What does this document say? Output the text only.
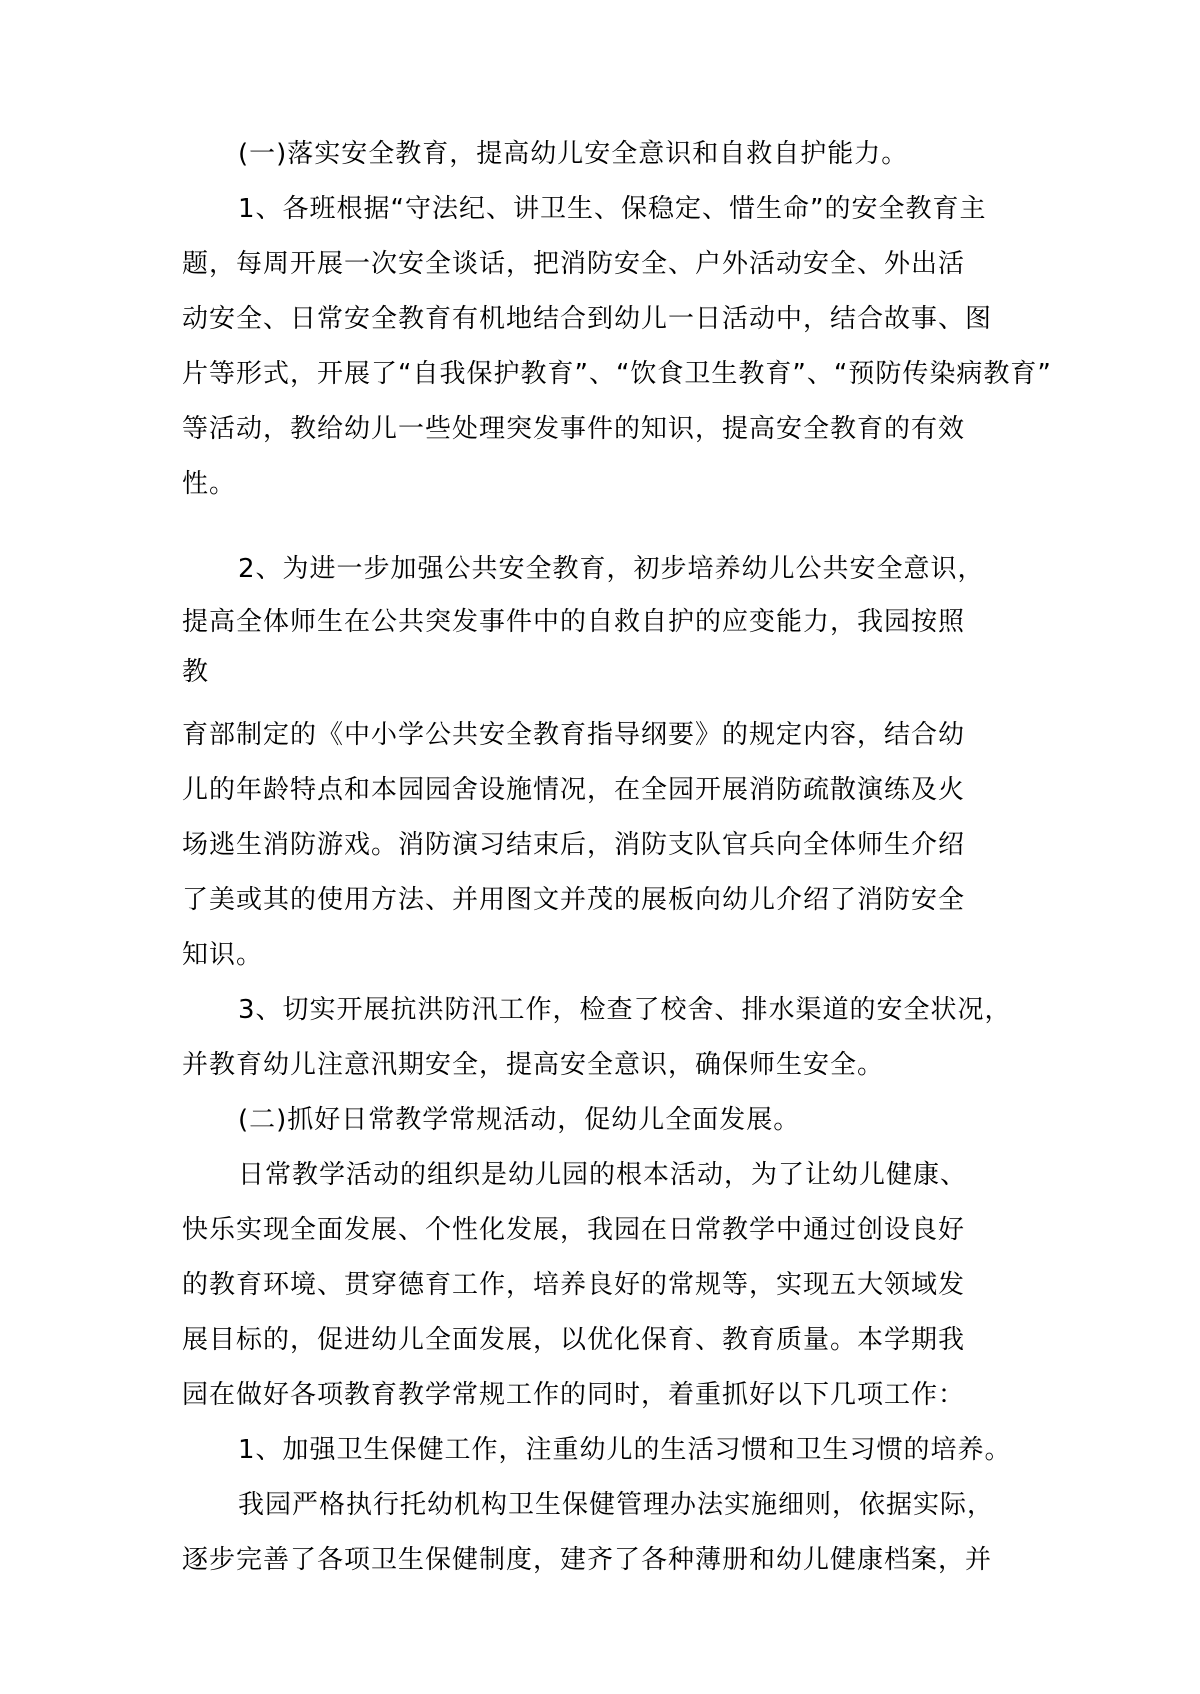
(一)落实安全教育，提高幼儿安全意识和自救自护能力。
1、各班根据“守法纪、讲卫生、保稳定、惜生命”的安全教育主
题，每周开展一次安全谈话，把消防安全、户外活动安全、外出活
动安全、日常安全教育有机地结合到幼儿一日活动中，结合故事、图
片等形式，开展了“自我保护教育”、“饮食卫生教育”、“预防传染病教育”
等活动，教给幼儿一些处理突发事件的知识，提高安全教育的有效
性。
2、为进一步加强公共安全教育，初步培养幼儿公共安全意识，
提高全体师生在公共突发事件中的自救自护的应变能力，我园按照
教
育部制定的《中小学公共安全教育指导纲要》的规定内容，结合幼
儿的年龄特点和本园园舍设施情况，在全园开展消防疏散演练及火
场逃生消防游戏。消防演习结束后，消防支队官兵向全体师生介绍
了美或其的使用方法、并用图文并茂的展板向幼儿介绍了消防安全
知识。
3、切实开展抗洪防汛工作，检查了校舍、排水渠道的安全状况，
并教育幼儿注意汛期安全，提高安全意识，确保师生安全。
(二)抓好日常教学常规活动，促幼儿全面发展。
日常教学活动的组织是幼儿园的根本活动，为了让幼儿健康、
快乐实现全面发展、个性化发展，我园在日常教学中通过创设良好
的教育环境、贯穿德育工作，培养良好的常规等，实现五大领域发
展目标的，促进幼儿全面发展，以优化保育、教育质量。本学期我
园在做好各项教育教学常规工作的同时，着重抓好以下几项工作：
1、加强卫生保健工作，注重幼儿的生活习惯和卫生习惯的培养。
我园严格执行托幼机构卫生保健管理办法实施细则，依据实际，
逐步完善了各项卫生保健制度，建齐了各种薄册和幼儿健康档案，并
